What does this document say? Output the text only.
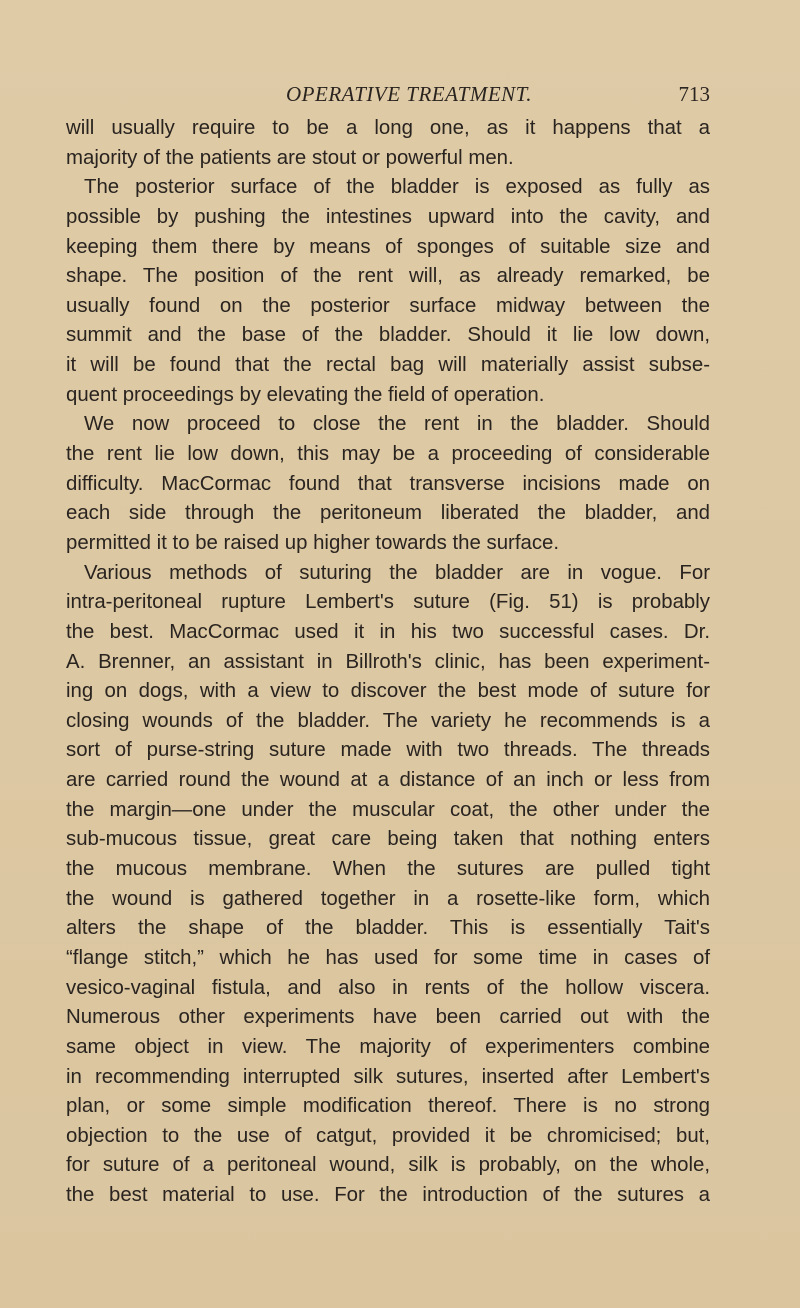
OPERATIVE TREATMENT.	713
will usually require to be a long one, as it happens that a
majority of the patients are stout or powerful men.
The posterior surface of the bladder is exposed as fully as
possible by pushing the intestines upward into the cavity, and
keeping them there by means of sponges of suitable size and
shape. The position of the rent will, as already remarked, be
usually found on the posterior surface midway between the
summit and the base of the bladder. Should it lie low down,
it will be found that the rectal bag will materially assist subse-
quent proceedings by elevating the field of operation.
We now proceed to close the rent in the bladder. Should
the rent lie low down, this may be a proceeding of considerable
difficulty. MacCormac found that transverse incisions made on
each side through the peritoneum liberated the bladder, and
permitted it to be raised up higher towards the surface.
Various methods of suturing the bladder are in vogue. For
intra-peritoneal rupture Lembert's suture (Fig. 51) is probably
the best. MacCormac used it in his two successful cases. Dr.
A. Brenner, an assistant in Billroth's clinic, has been experiment-
ing on dogs, with a view to discover the best mode of suture for
closing wounds of the bladder. The variety he recommends is a
sort of purse-string suture made with two threads. The threads
are carried round the wound at a distance of an inch or less from
the margin—one under the muscular coat, the other under the
sub-mucous tissue, great care being taken that nothing enters
the mucous membrane. When the sutures are pulled tight
the wound is gathered together in a rosette-like form, which
alters the shape of the bladder. This is essentially Tait's
“flange stitch,” which he has used for some time in cases of
vesico-vaginal fistula, and also in rents of the hollow viscera.
Numerous other experiments have been carried out with the
same object in view. The majority of experimenters combine
in recommending interrupted silk sutures, inserted after Lembert's
plan, or some simple modification thereof. There is no strong
objection to the use of catgut, provided it be chromicised; but,
for suture of a peritoneal wound, silk is probably, on the whole,
the best material to use. For the introduction of the sutures a
